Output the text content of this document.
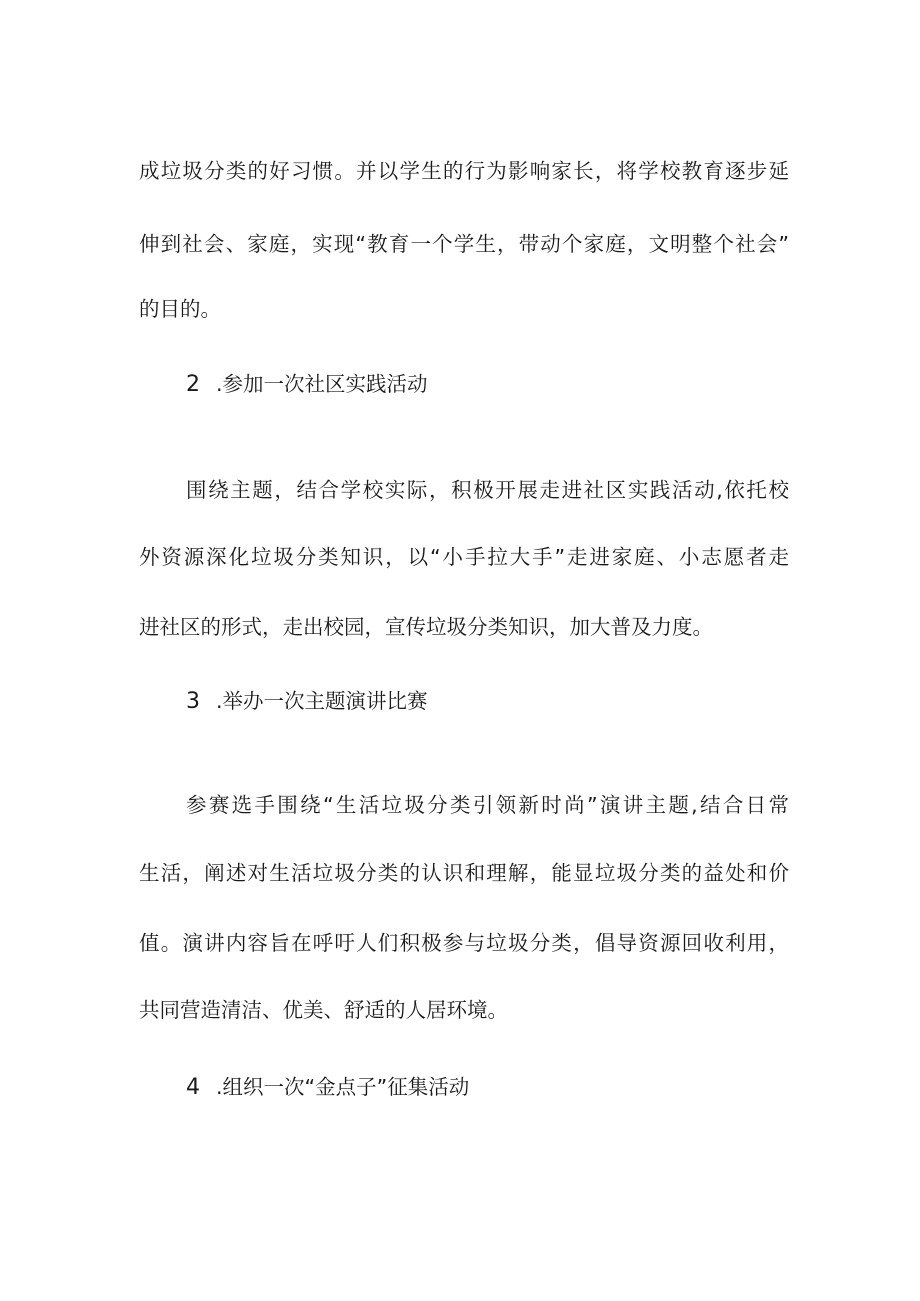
成垃圾分类的好习惯。并以学生的行为影响家长，将学校教育逐步延
伸到社会、家庭，实现“教育一个学生，带动个家庭，文明整个社会”
的目的。
2 .参加一次社区实践活动
围绕主题，结合学校实际，积极开展走进社区实践活动,依托校
外资源深化垃圾分类知识，以“小手拉大手”走进家庭、小志愿者走
进社区的形式，走出校园，宣传垃圾分类知识，加大普及力度。
3 .举办一次主题演讲比赛
参赛选手围绕“生活垃圾分类引领新时尚”演讲主题,结合日常
生活，阐述对生活垃圾分类的认识和理解，能显垃圾分类的益处和价
值。演讲内容旨在呼吁人们积极参与垃圾分类，倡导资源回收利用，
共同营造清洁、优美、舒适的人居环境。
4 .组织一次“金点子”征集活动
